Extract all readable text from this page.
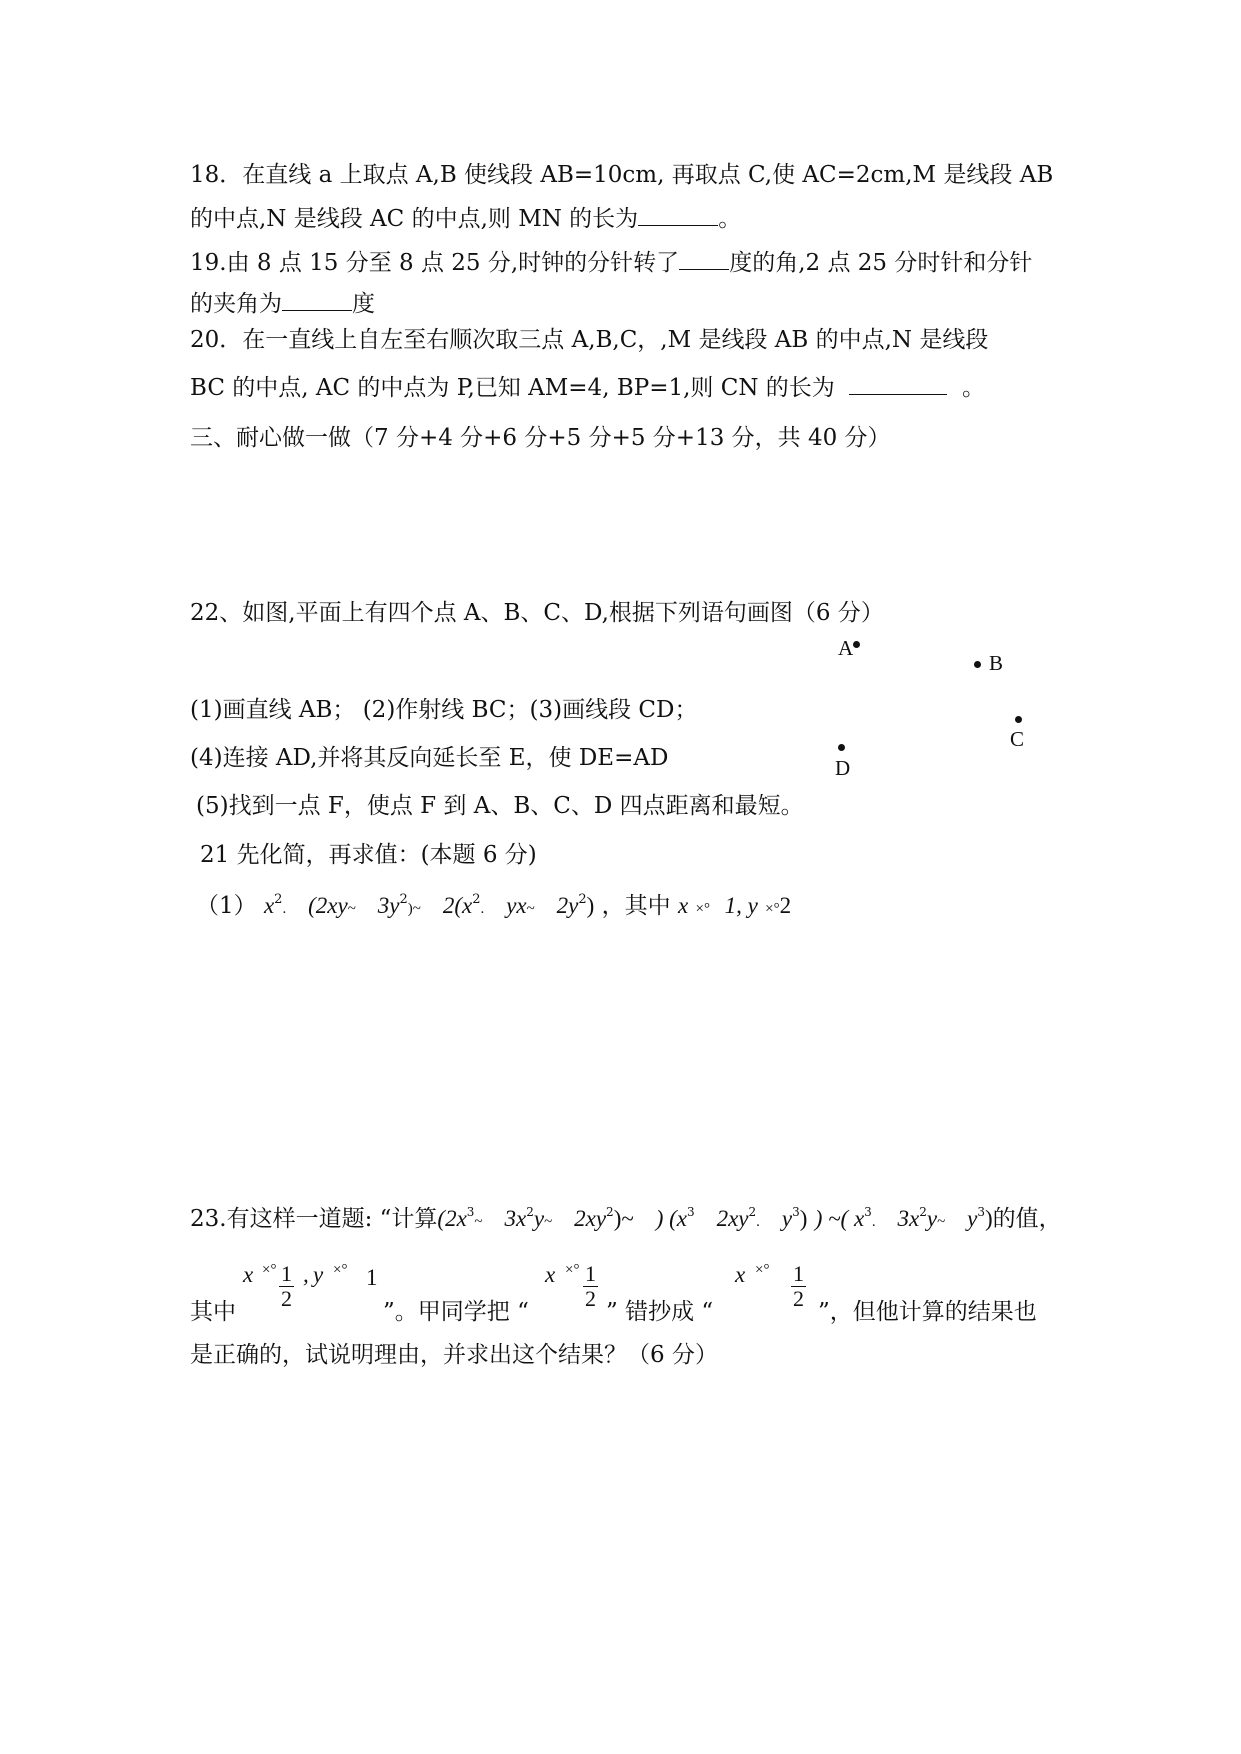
18．在直线 a 上取点 A,B 使线段 AB=10cm, 再取点 C,使 AC=2cm,M 是线段 AB
的中点,N 是线段 AC 的中点,则 MN 的长为	。
19.由 8 点 15 分至 8 点 25 分,时钟的分针转了 度的角,2 点 25 分时针和分针
的夹角为	度
20．在一直线上自左至右顺次取三点 A,B,C，,M 是线段 AB 的中点,N 是线段
BC 的中点, AC 的中点为 P,已知 AM=4, BP=1,则 CN 的长为	。
三、耐心做一做（7 分+4 分+6 分+5 分+5 分+13 分，共 40 分）
22、如图,平面上有四个点 A、B、C、D,根据下列语句画图（6 分）
(1)画直线 AB； (2)作射线 BC；(3)画线段 CD；
(4)连接 AD,并将其反向延长至 E，使 DE=AD
(5)找到一点 F，使点 F 到 A、B、C、D 四点距离和最短。
A
B
C
D
21 先化简，再求值：(本题 6 分)
（1） $x^2$. (2xy~ $3y^2)\sim$ $2(x^2$. yx~ $2y^2$) ，其中 x ×° 1, y ×°2
23.有这样一道题: “计算($2x^3\sim$ $3x^2y\sim$ $2xy^2)\sim$ ) ($x^3$ $2xy^2$. $y^3$) ) ~( $x^3$. $3x^2y\sim$ $y^3$)的值，
其中
x ×° $\frac{1}{2}$ , y ×° 1
”。甲同学把 “
x ×° $\frac{1}{2}$
” 错抄成 “
x ×° $\frac{1}{2}$
”，但他计算的结果也
是正确的，试说明理由，并求出这个结果？（6 分）
